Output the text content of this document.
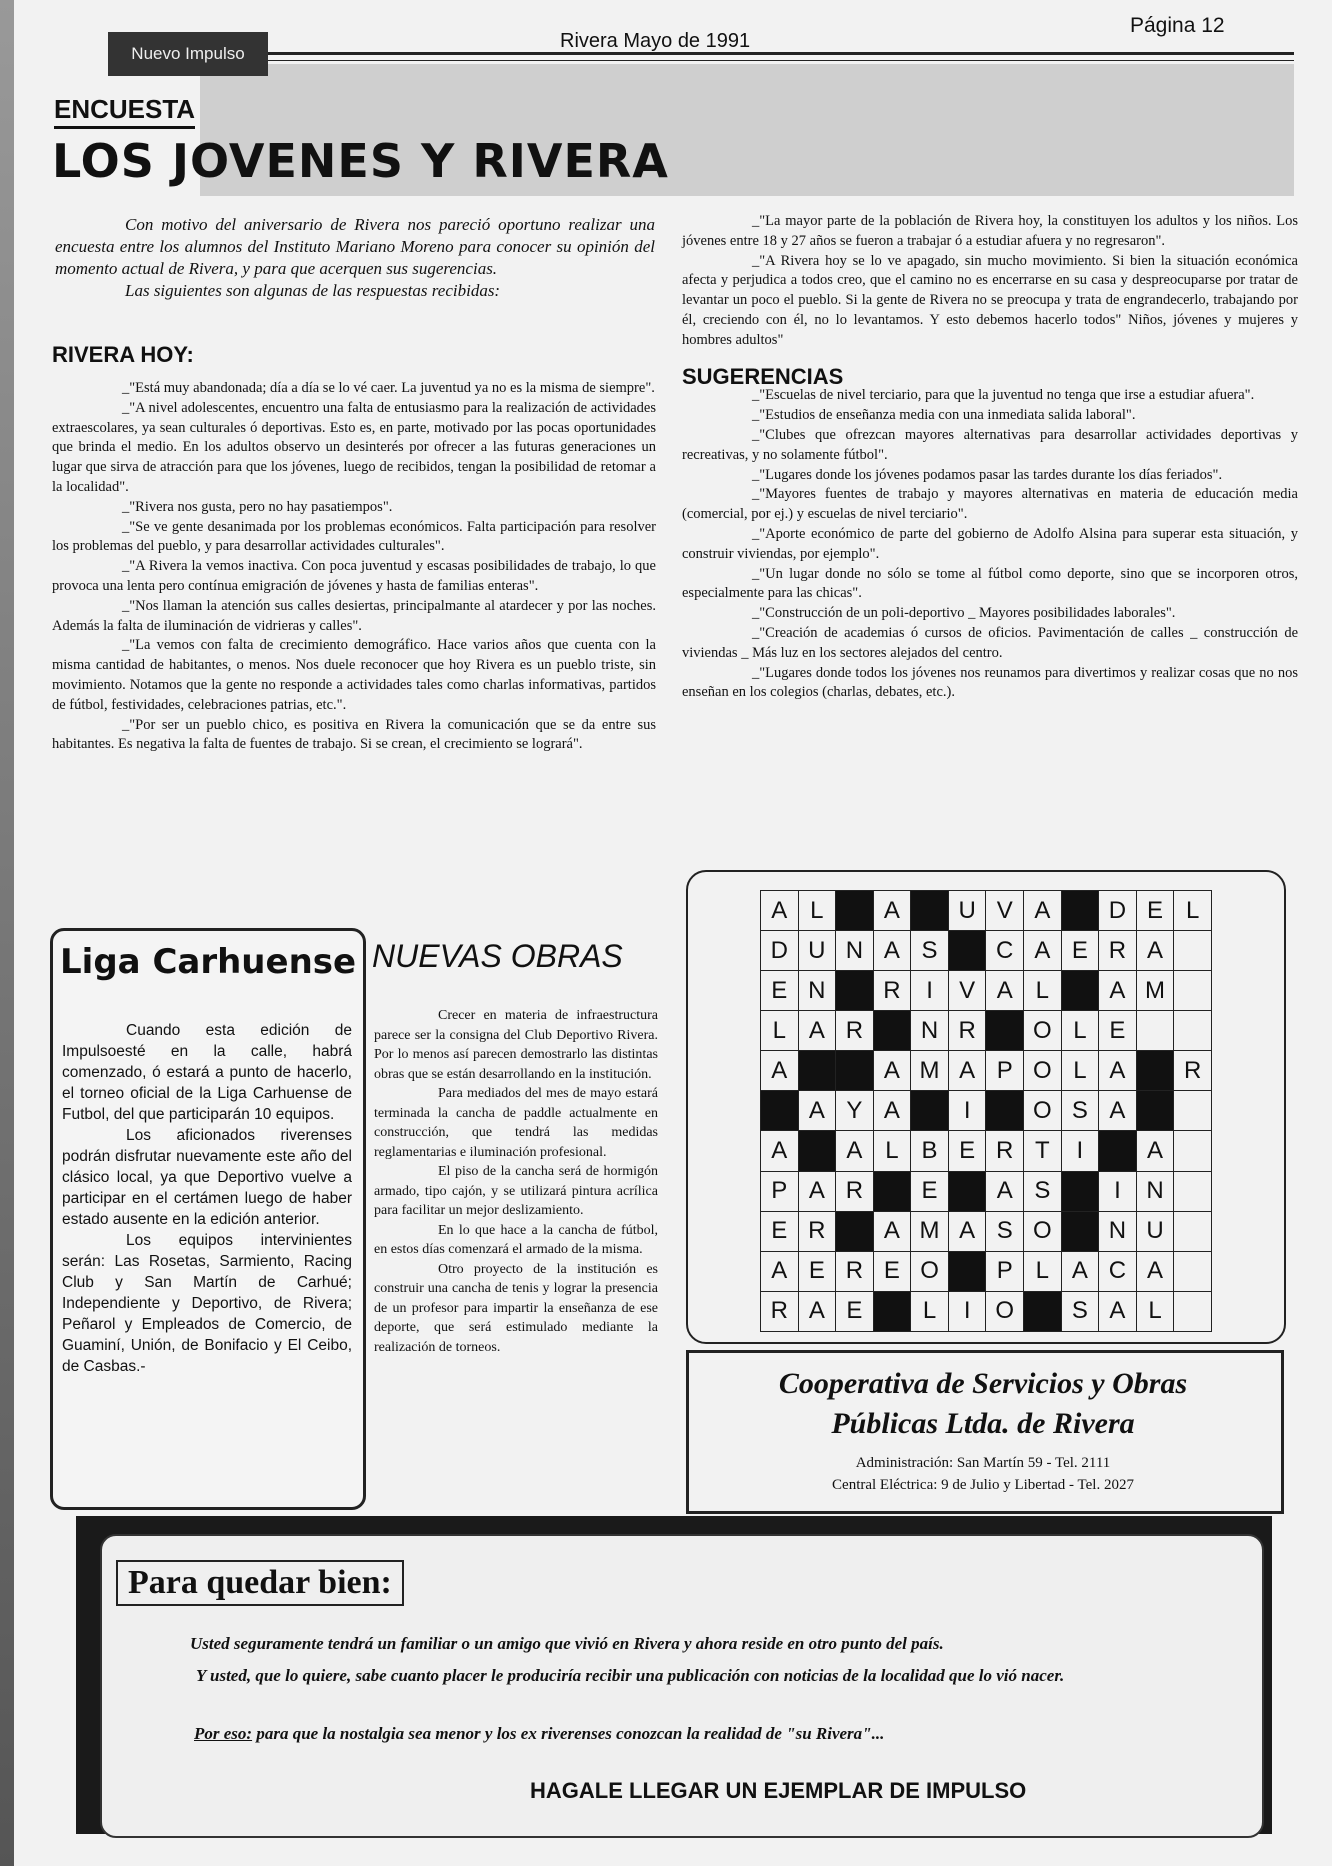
Nuevo Impulso
Rivera Mayo de 1991
Página 12
ENCUESTA
LOS JOVENES Y RIVERA

Con motivo del aniversario de Rivera nos pareció oportuno realizar una encuesta entre los alumnos del Instituto Mariano Moreno para conocer su opinión del momento actual de Rivera, y para que acerquen sus sugerencias.

Las siguientes son algunas de las respuestas recibidas:

RIVERA HOY:

_"Está muy abandonada; día a día se lo vé caer. La juventud ya no es la misma de siempre".

_"A nivel adolescentes, encuentro una falta de entusiasmo para la realización de actividades extraescolares, ya sean culturales ó deportivas. Esto es, en parte, motivado por las pocas oportunidades que brinda el medio. En los adultos observo un desinterés por ofrecer a las futuras generaciones un lugar que sirva de atracción para que los jóvenes, luego de recibidos, tengan la posibilidad de retomar a la localidad".

_"Rivera nos gusta, pero no hay pasatiempos".

_"Se ve gente desanimada por los problemas económicos. Falta participación para resolver los problemas del pueblo, y para desarrollar actividades culturales".

_"A Rivera la vemos inactiva. Con poca juventud y escasas posibilidades de trabajo, lo que provoca una lenta pero contínua emigración de jóvenes y hasta de familias enteras".

_"Nos llaman la atención sus calles desiertas, principalmante al atardecer y por las noches. Además la falta de iluminación de vidrieras y calles".

_"La vemos con falta de crecimiento demográfico. Hace varios años que cuenta con la misma cantidad de habitantes, o menos. Nos duele reconocer que hoy Rivera es un pueblo triste, sin movimiento. Notamos que la gente no responde a actividades tales como charlas informativas, partidos de fútbol, festividades, celebraciones patrias, etc.".

_"Por ser un pueblo chico, es positiva en Rivera la comunicación que se da entre sus habitantes. Es negativa la falta de fuentes de trabajo. Si se crean, el crecimiento se logrará".

_"La mayor parte de la población de Rivera hoy, la constituyen los adultos y los niños. Los jóvenes entre 18 y 27 años se fueron a trabajar ó a estudiar afuera y no regresaron".

_"A Rivera hoy se lo ve apagado, sin mucho movimiento. Si bien la situación económica afecta y perjudica a todos creo, que el camino no es encerrarse en su casa y despreocuparse por tratar de levantar un poco el pueblo. Si la gente de Rivera no se preocupa y trata de engrandecerlo, trabajando por él, creciendo con él, no lo levantamos. Y esto debemos hacerlo todos" Niños, jóvenes y mujeres y hombres adultos"

SUGERENCIAS

_"Escuelas de nivel terciario, para que la juventud no tenga que irse a estudiar afuera".

_"Estudios de enseñanza media con una inmediata salida laboral".

_"Clubes que ofrezcan mayores alternativas para desarrollar actividades deportivas y recreativas, y no solamente fútbol".

_"Lugares donde los jóvenes podamos pasar las tardes durante los días feriados".

_"Mayores fuentes de trabajo y mayores alternativas en materia de educación media (comercial, por ej.) y escuelas de nivel terciario".

_"Aporte económico de parte del gobierno de Adolfo Alsina para superar esta situación, y construir viviendas, por ejemplo".

_"Un lugar donde no sólo se tome al fútbol como deporte, sino que se incorporen otros, especialmente para las chicas".

_"Construcción de un poli-deportivo _ Mayores posibilidades laborales".

_"Creación de academias ó cursos de oficios. Pavimentación de calles _ construcción de viviendas _ Más luz en los sectores alejados del centro.

_"Lugares donde todos los jóvenes nos reunamos para divertimos y realizar cosas que no nos enseñan en los colegios (charlas, debates, etc.).

Liga Carhuense

Cuando esta edición de Impulsoesté en la calle, habrá comenzado, ó estará a punto de hacerlo, el torneo oficial de la Liga Carhuense de Futbol, del que participarán 10 equipos.

Los aficionados riverenses podrán disfrutar nuevamente este año del clásico local, ya que Deportivo vuelve a participar en el certámen luego de haber estado ausente en la edición anterior.

Los equipos intervinientes serán: Las Rosetas, Sarmiento, Racing Club y San Martín de Carhué; Independiente y Deportivo, de Rivera; Peñarol y Empleados de Comercio, de Guaminí, Unión, de Bonifacio y El Ceibo, de Casbas.-

NUEVAS OBRAS

Crecer en materia de infraestructura parece ser la consigna del Club Deportivo Rivera. Por lo menos así parecen demostrarlo las distintas obras que se están desarrollando en la institución.

Para mediados del mes de mayo estará terminada la cancha de paddle actualmente en construcción, que tendrá las medidas reglamentarias e iluminación profesional.

El piso de la cancha será de hormigón armado, tipo cajón, y se utilizará pintura acrílica para facilitar un mejor deslizamiento.

En lo que hace a la cancha de fútbol, en estos días comenzará el armado de la misma.

Otro proyecto de la institución es construir una cancha de tenis y lograr la presencia de un profesor para impartir la enseñanza de ese deporte, que será estimulado mediante la realización de torneos.

A	L		A		U	V	A		D	E	L
D	U	N	A	S		C	A	E	R	A	
E	N		R	I	V	A	L		A	M	
L	A	R		N	R		O	L	E		
A			A	M	A	P	O	L	A		R
	A	Y	A		I		O	S	A		
A		A	L	B	E	R	T	I		A	
P	A	R		E		A	S		I	N	
E	R		A	M	A	S	O		N	U	
A	E	R	E	O		P	L	A	C	A	
R	A	E		L	I	O		S	A	L	
Cooperativa de Servicios y Obras
Públicas Ltda. de Rivera
Administración: San Martín 59 - Tel. 2111
Central Eléctrica: 9 de Julio y Libertad - Tel. 2027
Para quedar bien:
Usted seguramente tendrá un familiar o un amigo que vivió en Rivera y ahora reside en otro punto del país.
Y usted, que lo quiere, sabe cuanto placer le produciría recibir una publicación con noticias de la localidad que lo vió nacer.
Por eso: para que la nostalgia sea menor y los ex riverenses conozcan la realidad de "su Rivera"...
HAGALE LLEGAR UN EJEMPLAR DE IMPULSO
